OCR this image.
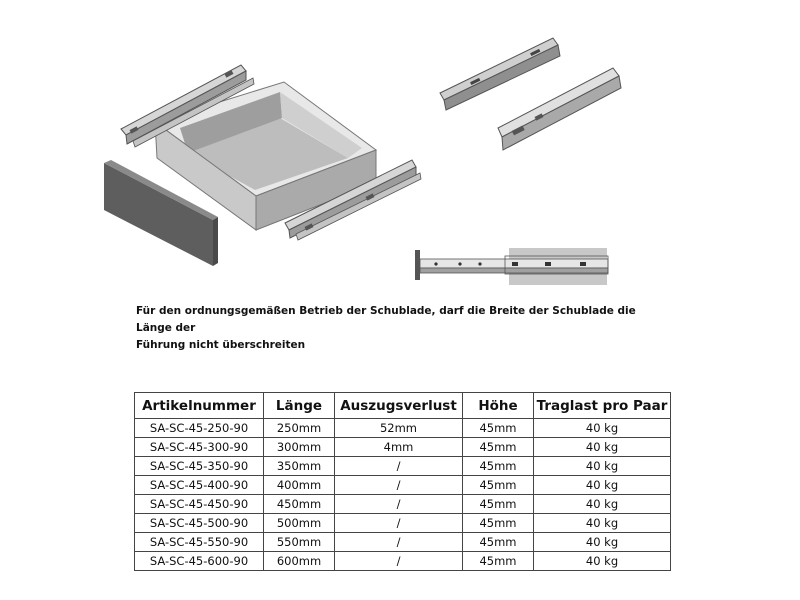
Für den ordnungsgemäßen Betrieb der Schublade, darf die Breite der Schublade die Länge der
Führung nicht überschreiten
Artikelnummer	Länge	Auszugsverlust	Höhe	Traglast pro Paar
SA-SC-45-250-90	250mm	52mm	45mm	40 kg
SA-SC-45-300-90	300mm	4mm	45mm	40 kg
SA-SC-45-350-90	350mm	/	45mm	40 kg
SA-SC-45-400-90	400mm	/	45mm	40 kg
SA-SC-45-450-90	450mm	/	45mm	40 kg
SA-SC-45-500-90	500mm	/	45mm	40 kg
SA-SC-45-550-90	550mm	/	45mm	40 kg
SA-SC-45-600-90	600mm	/	45mm	40 kg
